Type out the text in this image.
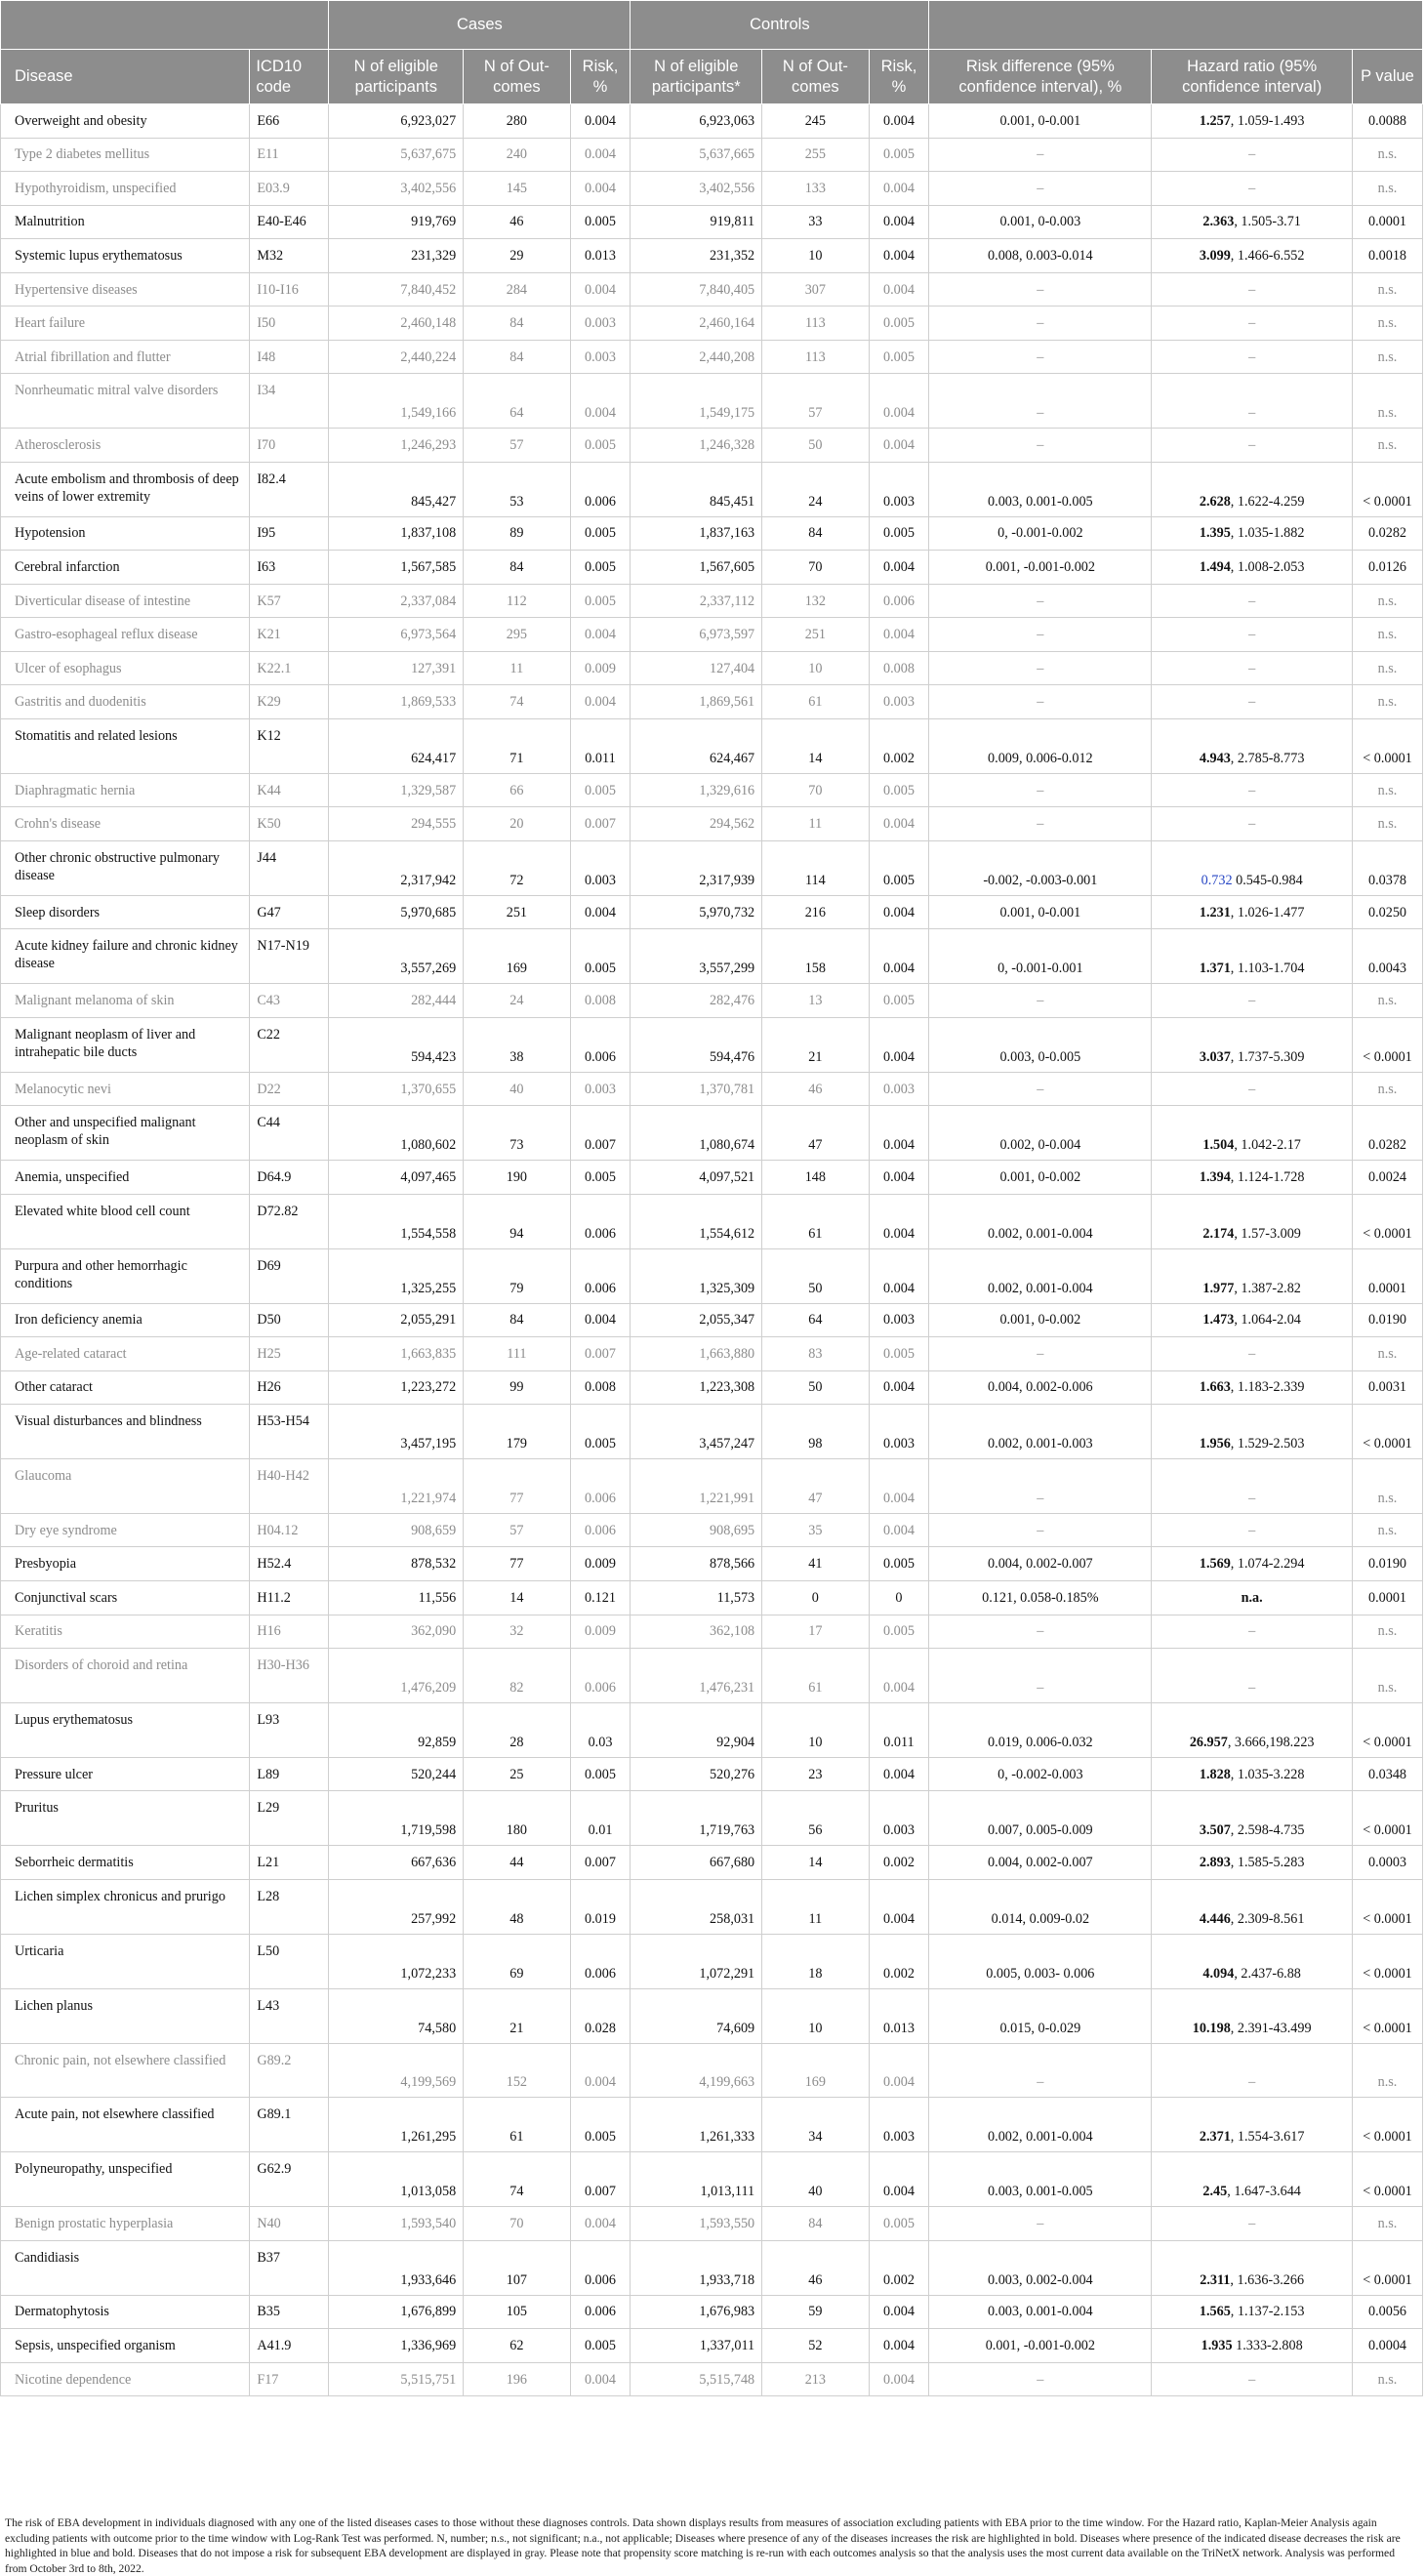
		Cases			Controls					
Disease	ICD10 code	N of eligible participants	N of Out-comes	Risk, %	N of eligible participants*	N of Out-comes	Risk, %	Risk difference (95% confidence interval), %	Hazard ratio (95% confidence interval)	P value
Overweight and obesity	E66	6,923,027	280	0.004	6,923,063	245	0.004	0.001, 0-0.001	1.257, 1.059-1.493	0.0088
Type 2 diabetes mellitus	E11	5,637,675	240	0.004	5,637,665	255	0.005	–	–	n.s.
Hypothyroidism, unspecified	E03.9	3,402,556	145	0.004	3,402,556	133	0.004	–	–	n.s.
Malnutrition	E40-E46	919,769	46	0.005	919,811	33	0.004	0.001, 0-0.003	2.363, 1.505-3.71	0.0001
Systemic lupus erythematosus	M32	231,329	29	0.013	231,352	10	0.004	0.008, 0.003-0.014	3.099, 1.466-6.552	0.0018
Hypertensive diseases	I10-I16	7,840,452	284	0.004	7,840,405	307	0.004	–	–	n.s.
Heart failure	I50	2,460,148	84	0.003	2,460,164	113	0.005	–	–	n.s.
Atrial fibrillation and flutter	I48	2,440,224	84	0.003	2,440,208	113	0.005	–	–	n.s.
Nonrheumatic mitral valve disorders	I34	1,549,166	64	0.004	1,549,175	57	0.004	–	–	n.s.
Atherosclerosis	I70	1,246,293	57	0.005	1,246,328	50	0.004	–	–	n.s.
Acute embolism and thrombosis of deep veins of lower extremity	I82.4	845,427	53	0.006	845,451	24	0.003	0.003, 0.001-0.005	2.628, 1.622-4.259	< 0.0001
Hypotension	I95	1,837,108	89	0.005	1,837,163	84	0.005	0, -0.001-0.002	1.395, 1.035-1.882	0.0282
Cerebral infarction	I63	1,567,585	84	0.005	1,567,605	70	0.004	0.001, -0.001-0.002	1.494, 1.008-2.053	0.0126
Diverticular disease of intestine	K57	2,337,084	112	0.005	2,337,112	132	0.006	–	–	n.s.
Gastro-esophageal reflux disease	K21	6,973,564	295	0.004	6,973,597	251	0.004	–	–	n.s.
Ulcer of esophagus	K22.1	127,391	11	0.009	127,404	10	0.008	–	–	n.s.
Gastritis and duodenitis	K29	1,869,533	74	0.004	1,869,561	61	0.003	–	–	n.s.
Stomatitis and related lesions	K12	624,417	71	0.011	624,467	14	0.002	0.009, 0.006-0.012	4.943, 2.785-8.773	< 0.0001
Diaphragmatic hernia	K44	1,329,587	66	0.005	1,329,616	70	0.005	–	–	n.s.
Crohn's disease	K50	294,555	20	0.007	294,562	11	0.004	–	–	n.s.
Other chronic obstructive pulmonary disease	J44	2,317,942	72	0.003	2,317,939	114	0.005	-0.002, -0.003-0.001	0.732 0.545-0.984	0.0378
Sleep disorders	G47	5,970,685	251	0.004	5,970,732	216	0.004	0.001, 0-0.001	1.231, 1.026-1.477	0.0250
Acute kidney failure and chronic kidney disease	N17-N19	3,557,269	169	0.005	3,557,299	158	0.004	0, -0.001-0.001	1.371, 1.103-1.704	0.0043
Malignant melanoma of skin	C43	282,444	24	0.008	282,476	13	0.005	–	–	n.s.
Malignant neoplasm of liver and intrahepatic bile ducts	C22	594,423	38	0.006	594,476	21	0.004	0.003, 0-0.005	3.037, 1.737-5.309	< 0.0001
Melanocytic nevi	D22	1,370,655	40	0.003	1,370,781	46	0.003	–	–	n.s.
Other and unspecified malignant neoplasm of skin	C44	1,080,602	73	0.007	1,080,674	47	0.004	0.002, 0-0.004	1.504, 1.042-2.17	0.0282
Anemia, unspecified	D64.9	4,097,465	190	0.005	4,097,521	148	0.004	0.001, 0-0.002	1.394, 1.124-1.728	0.0024
Elevated white blood cell count	D72.82	1,554,558	94	0.006	1,554,612	61	0.004	0.002, 0.001-0.004	2.174, 1.57-3.009	< 0.0001
Purpura and other hemorrhagic conditions	D69	1,325,255	79	0.006	1,325,309	50	0.004	0.002, 0.001-0.004	1.977, 1.387-2.82	0.0001
Iron deficiency anemia	D50	2,055,291	84	0.004	2,055,347	64	0.003	0.001, 0-0.002	1.473, 1.064-2.04	0.0190
Age-related cataract	H25	1,663,835	111	0.007	1,663,880	83	0.005	–	–	n.s.
Other cataract	H26	1,223,272	99	0.008	1,223,308	50	0.004	0.004, 0.002-0.006	1.663, 1.183-2.339	0.0031
Visual disturbances and blindness	H53-H54	3,457,195	179	0.005	3,457,247	98	0.003	0.002, 0.001-0.003	1.956, 1.529-2.503	< 0.0001
Glaucoma	H40-H42	1,221,974	77	0.006	1,221,991	47	0.004	–	–	n.s.
Dry eye syndrome	H04.12	908,659	57	0.006	908,695	35	0.004	–	–	n.s.
Presbyopia	H52.4	878,532	77	0.009	878,566	41	0.005	0.004, 0.002-0.007	1.569, 1.074-2.294	0.0190
Conjunctival scars	H11.2	11,556	14	0.121	11,573	0	0	0.121, 0.058-0.185%	n.a.	0.0001
Keratitis	H16	362,090	32	0.009	362,108	17	0.005	–	–	n.s.
Disorders of choroid and retina	H30-H36	1,476,209	82	0.006	1,476,231	61	0.004	–	–	n.s.
Lupus erythematosus	L93	92,859	28	0.03	92,904	10	0.011	0.019, 0.006-0.032	26.957, 3.666,198.223	< 0.0001
Pressure ulcer	L89	520,244	25	0.005	520,276	23	0.004	0, -0.002-0.003	1.828, 1.035-3.228	0.0348
Pruritus	L29	1,719,598	180	0.01	1,719,763	56	0.003	0.007, 0.005-0.009	3.507, 2.598-4.735	< 0.0001
Seborrheic dermatitis	L21	667,636	44	0.007	667,680	14	0.002	0.004, 0.002-0.007	2.893, 1.585-5.283	0.0003
Lichen simplex chronicus and prurigo	L28	257,992	48	0.019	258,031	11	0.004	0.014, 0.009-0.02	4.446, 2.309-8.561	< 0.0001
Urticaria	L50	1,072,233	69	0.006	1,072,291	18	0.002	0.005, 0.003- 0.006	4.094, 2.437-6.88	< 0.0001
Lichen planus	L43	74,580	21	0.028	74,609	10	0.013	0.015, 0-0.029	10.198, 2.391-43.499	< 0.0001
Chronic pain, not elsewhere classified	G89.2	4,199,569	152	0.004	4,199,663	169	0.004	–	–	n.s.
Acute pain, not elsewhere classified	G89.1	1,261,295	61	0.005	1,261,333	34	0.003	0.002, 0.001-0.004	2.371, 1.554-3.617	< 0.0001
Polyneuropathy, unspecified	G62.9	1,013,058	74	0.007	1,013,111	40	0.004	0.003, 0.001-0.005	2.45, 1.647-3.644	< 0.0001
Benign prostatic hyperplasia	N40	1,593,540	70	0.004	1,593,550	84	0.005	–	–	n.s.
Candidiasis	B37	1,933,646	107	0.006	1,933,718	46	0.002	0.003, 0.002-0.004	2.311, 1.636-3.266	< 0.0001
Dermatophytosis	B35	1,676,899	105	0.006	1,676,983	59	0.004	0.003, 0.001-0.004	1.565, 1.137-2.153	0.0056
Sepsis, unspecified organism	A41.9	1,336,969	62	0.005	1,337,011	52	0.004	0.001, -0.001-0.002	1.935 1.333-2.808	0.0004
Nicotine dependence	F17	5,515,751	196	0.004	5,515,748	213	0.004	–	–	n.s.
The risk of EBA development in individuals diagnosed with any one of the listed diseases cases to those without these diagnoses controls. Data shown displays results from measures of association excluding patients with EBA prior to the time window. For the Hazard ratio, Kaplan-Meier Analysis again excluding patients with outcome prior to the time window with Log-Rank Test was performed. N, number; n.s., not significant; n.a., not applicable; Diseases where presence of any of the diseases increases the risk are highlighted in bold. Diseases where presence of the indicated disease decreases the risk are highlighted in blue and bold. Diseases that do not impose a risk for subsequent EBA development are displayed in gray. Please note that propensity score matching is re-run with each outcomes analysis so that the analysis uses the most current data available on the TriNetX network. Analysis was performed from October 3rd to 8th, 2022.
